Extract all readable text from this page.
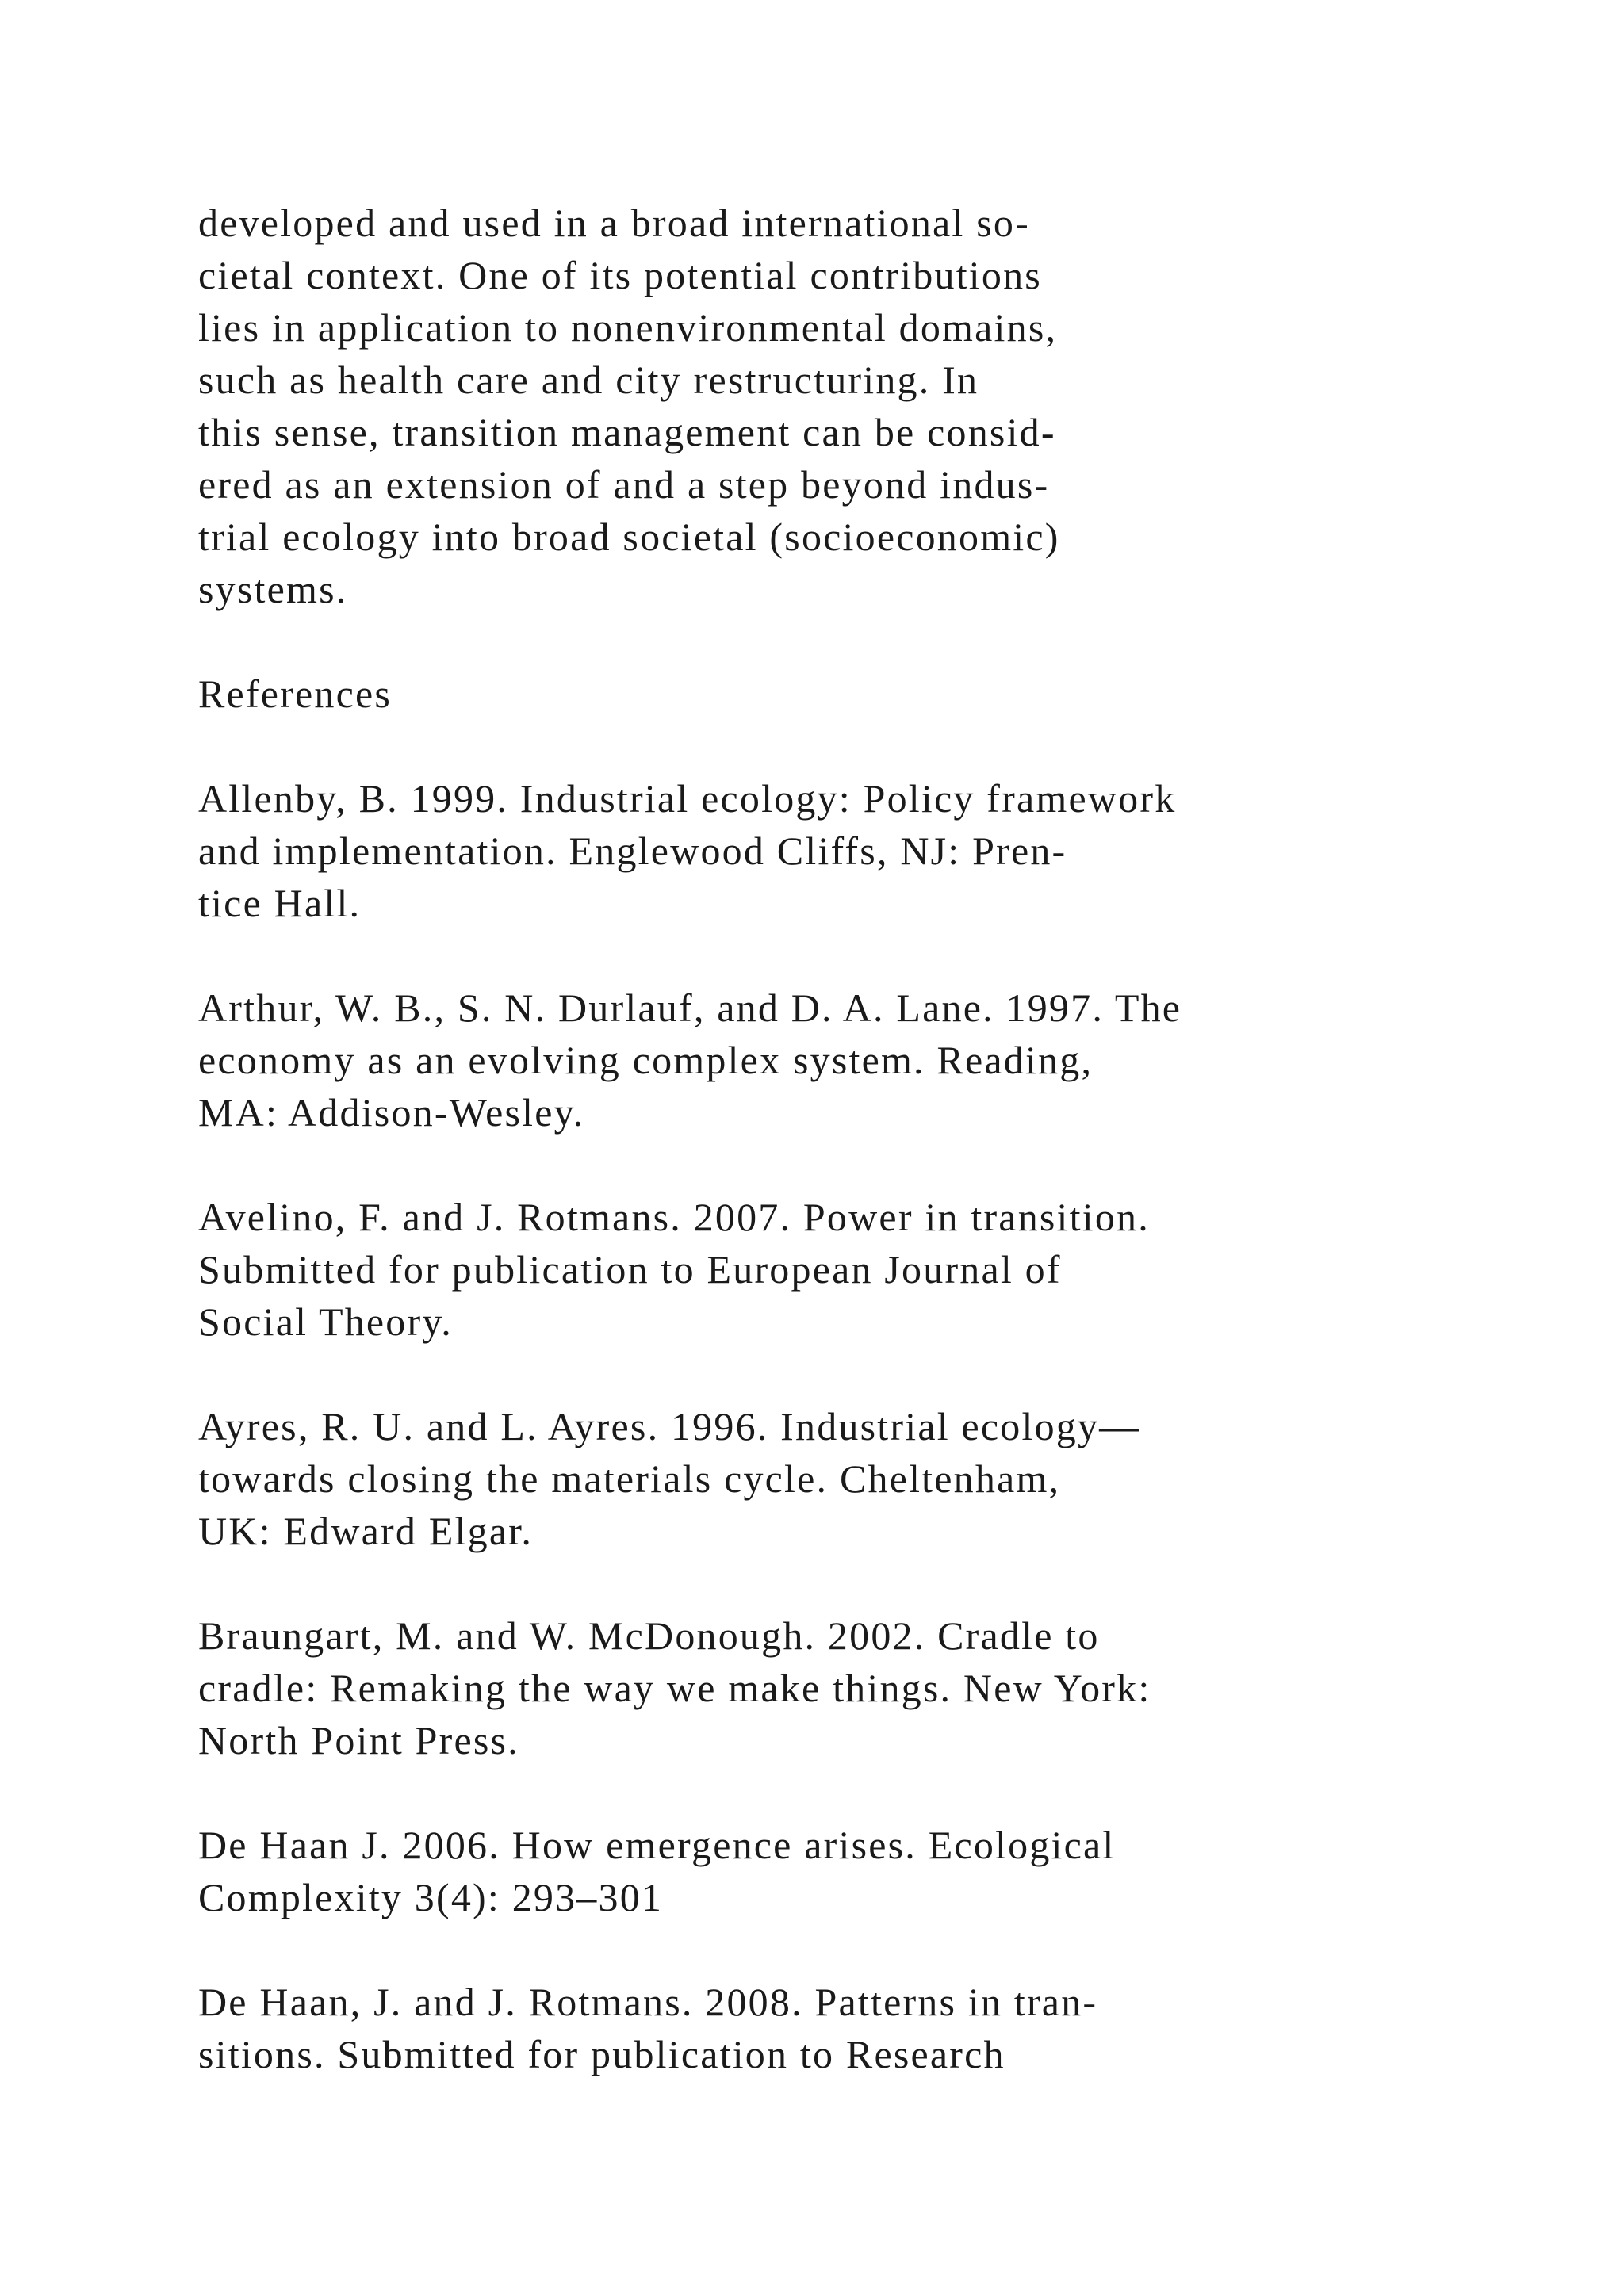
developed and used in a broad international so-
cietal context. One of its potential contributions
lies in application to nonenvironmental domains,
such as health care and city restructuring. In
this sense, transition management can be consid-
ered as an extension of and a step beyond indus-
trial ecology into broad societal (socioeconomic)
systems.
References
Allenby, B. 1999. Industrial ecology: Policy framework
and implementation. Englewood Cliffs, NJ: Pren-
tice Hall.
Arthur, W. B., S. N. Durlauf, and D. A. Lane. 1997. The
economy as an evolving complex system. Reading,
MA: Addison-Wesley.
Avelino, F. and J. Rotmans. 2007. Power in transition.
Submitted for publication to European Journal of
Social Theory.
Ayres, R. U. and L. Ayres. 1996. Industrial ecology—
towards closing the materials cycle. Cheltenham,
UK: Edward Elgar.
Braungart, M. and W. McDonough. 2002. Cradle to
cradle: Remaking the way we make things. New York:
North Point Press.
De Haan J. 2006. How emergence arises. Ecological
Complexity 3(4): 293–301
De Haan, J. and J. Rotmans. 2008. Patterns in tran-
sitions. Submitted for publication to Research
